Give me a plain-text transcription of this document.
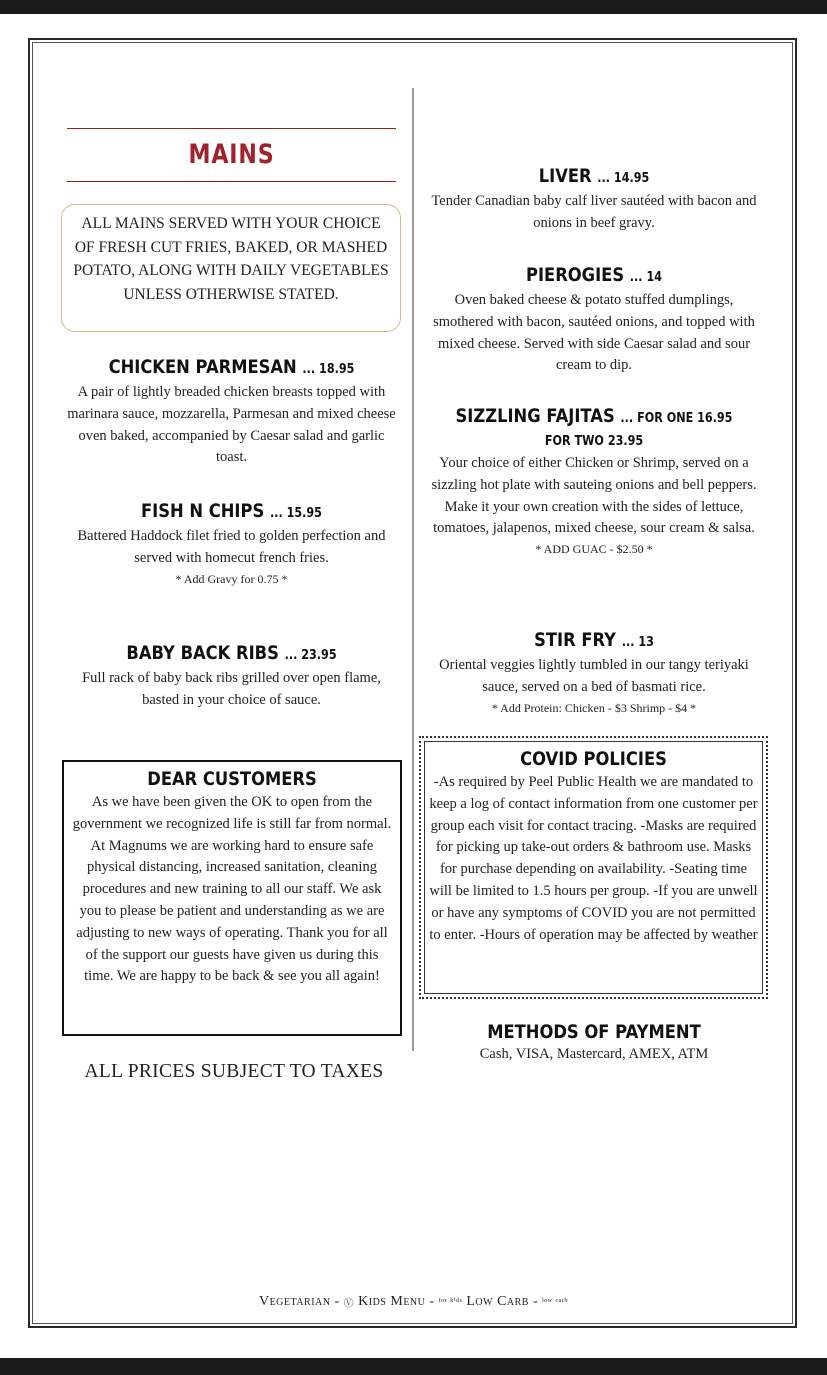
MAINS
ALL MAINS SERVED WITH YOUR CHOICE OF FRESH CUT FRIES, BAKED, OR MASHED POTATO, ALONG WITH DAILY VEGETABLES UNLESS OTHERWISE STATED.
CHICKEN PARMESAN ... 18.95
A pair of lightly breaded chicken breasts topped with marinara sauce, mozzarella, Parmesan and mixed cheese oven baked, accompanied by Caesar salad and garlic toast.
FISH N CHIPS ... 15.95
Battered Haddock filet fried to golden perfection and served with homecut french fries.
* Add Gravy for 0.75 *
BABY BACK RIBS ... 23.95
Full rack of baby back ribs grilled over open flame, basted in your choice of sauce.
DEAR CUSTOMERS
As we have been given the OK to open from the government we recognized life is still far from normal. At Magnums we are working hard to ensure safe physical distancing, increased sanitation, cleaning procedures and new training to all our staff. We ask you to please be patient and understanding as we are adjusting to new ways of operating. Thank you for all of the support our guests have given us during this time. We are happy to be back & see you all again!
ALL PRICES SUBJECT TO TAXES
LIVER ... 14.95
Tender Canadian baby calf liver sautéed with bacon and onions in beef gravy.
PIEROGIES ... 14
Oven baked cheese & potato stuffed dumplings, smothered with bacon, sautéed onions, and topped with mixed cheese. Served with side Caesar salad and sour cream to dip.
SIZZLING FAJITAS ... FOR ONE 16.95
FOR TWO 23.95
Your choice of either Chicken or Shrimp, served on a sizzling hot plate with sauteing onions and bell peppers. Make it your own creation with the sides of lettuce, tomatoes, jalapenos, mixed cheese, sour cream & salsa.
* ADD GUAC - $2.50 *
STIR FRY ... 13
Oriental veggies lightly tumbled in our tangy teriyaki sauce, served on a bed of basmati rice.
* Add Protein: Chicken - $3 Shrimp - $4 *
COVID POLICIES
-As required by Peel Public Health we are mandated to keep a log of contact information from one customer per group each visit for contact tracing. -Masks are required for picking up take-out orders & bathroom use. Masks for purchase depending on availability. -Seating time will be limited to 1.5 hours per group. -If you are unwell or have any symptoms of COVID you are not permitted to enter. -Hours of operation may be affected by weather
METHODS OF PAYMENT
Cash, VISA, Mastercard, AMEX, ATM
Vegetarian - Ⓥ Kids Menu - ᶠᵒʳ ᵏⁱᵈˢ Low Carb - ˡᵒʷ ᶜᵃʳᵇ
